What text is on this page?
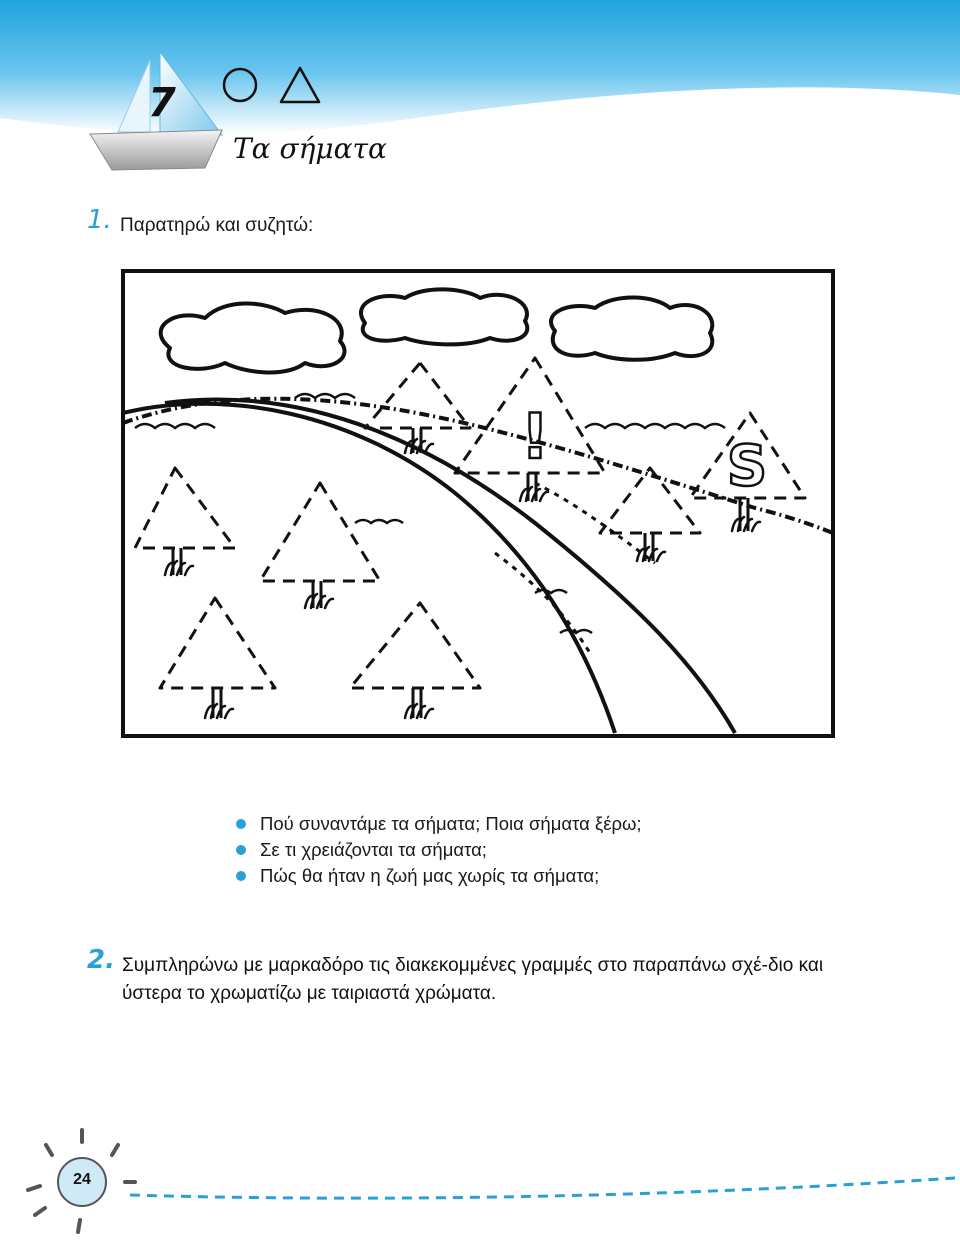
7
Τα σήματα
1. Παρατηρώ και συζητώ:
!	S
Πού συναντάμε τα σήματα; Ποια σήματα ξέρω;
Σε τι χρειάζονται τα σήματα;
Πώς θα ήταν η ζωή μας χωρίς τα σήματα;
2. Συμπληρώνω με μαρκαδόρο τις διακεκομμένες γραμμές στο παραπάνω σχέ-διο και ύστερα το χρωματίζω με ταιριαστά χρώματα.
24
